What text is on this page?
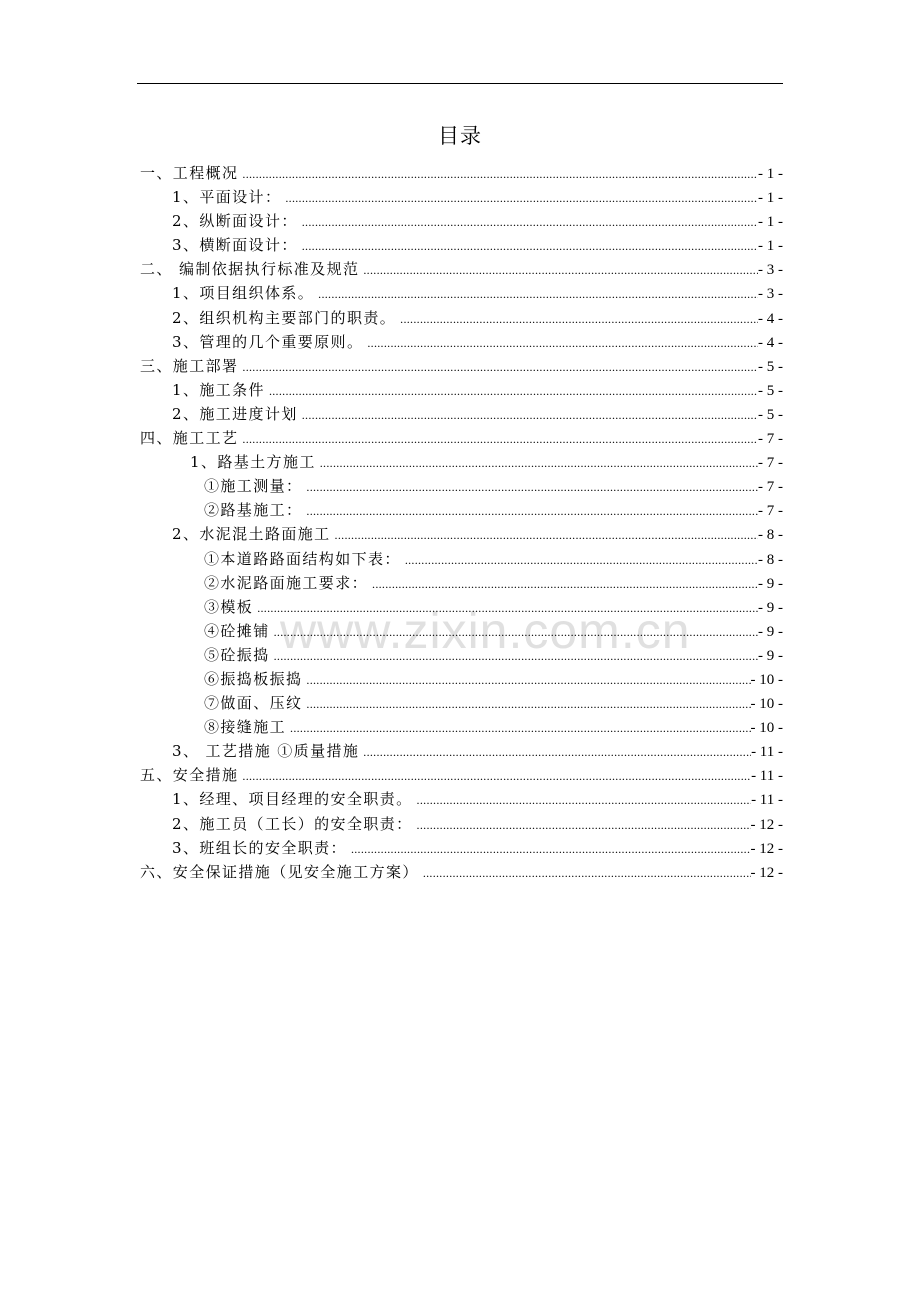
目录
www.zixin.com.cn
一、工程概况 .....	- 1 -
1、平面设计： .....	- 1 -
2、纵断面设计： .....	- 1 -
3、横断面设计： .....	- 1 -
二、 编制依据执行标准及规范 .....	- 3 -
1、项目组织体系。 .....	- 3 -
2、组织机构主要部门的职责。 .....	- 4 -
3、管理的几个重要原则。 .....	- 4 -
三、施工部署 .....	- 5 -
1、施工条件 .....	- 5 -
2、施工进度计划 .....	- 5 -
四、施工工艺 .....	- 7 -
1、路基土方施工 .....	- 7 -
①施工测量： .....	- 7 -
②路基施工： .....	- 7 -
2、水泥混土路面施工 .....	- 8 -
①本道路路面结构如下表： .....	- 8 -
②水泥路面施工要求： .....	- 9 -
③模板 .....	- 9 -
④砼摊铺 .....	- 9 -
⑤砼振捣 .....	- 9 -
⑥振捣板振捣 .....	- 10 -
⑦做面、压纹 .....	- 10 -
⑧接缝施工 .....	- 10 -
3、 工艺措施 ①质量措施 .....	- 11 -
五、安全措施 .....	- 11 -
1、经理、项目经理的安全职责。 .....	- 11 -
2、施工员（工长）的安全职责： .....	- 12 -
3、班组长的安全职责： .....	- 12 -
六、安全保证措施（见安全施工方案） .....	- 12 -
